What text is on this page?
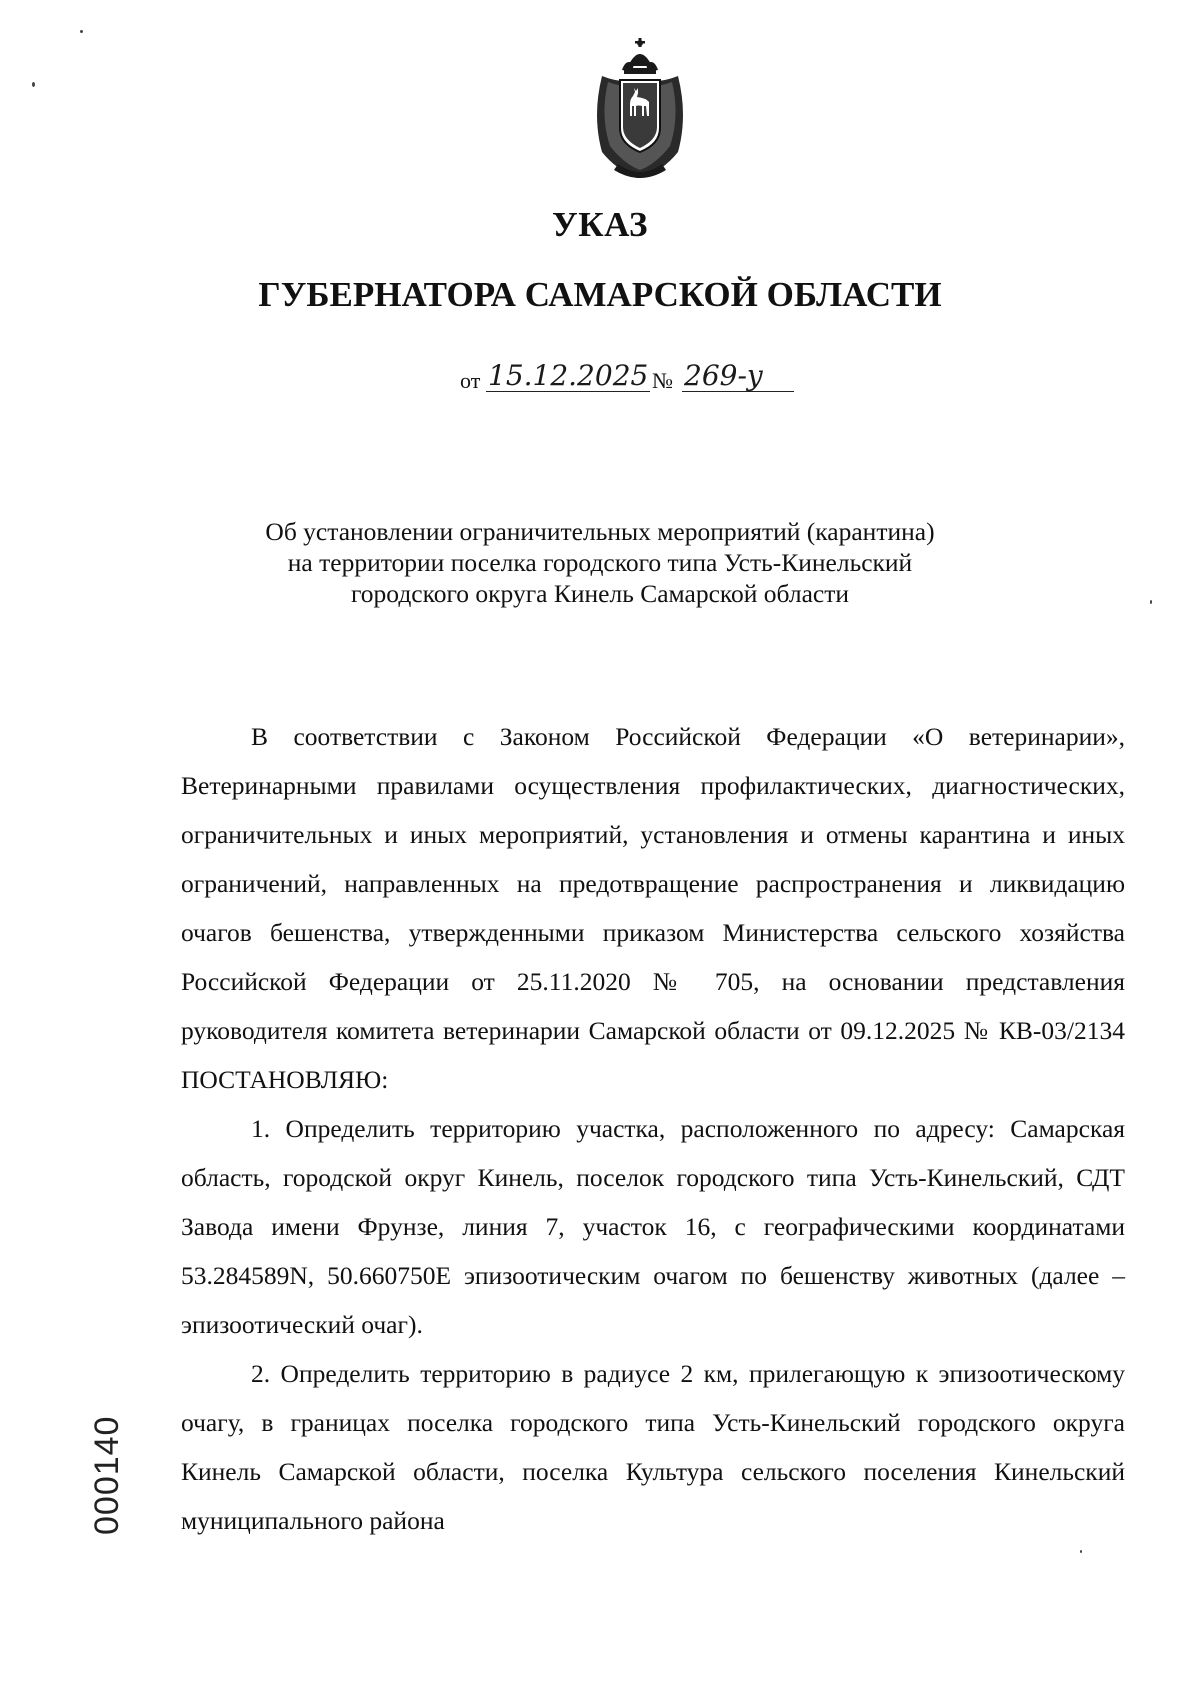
УКАЗ
ГУБЕРНАТОРА САМАРСКОЙ ОБЛАСТИ
от 15.12.2025 № 269-у
Об установлении ограничительных мероприятий (карантина)
на территории поселка городского типа Усть-Кинельский
городского округа Кинель Самарской области

В соответствии с Законом Российской Федерации «О ветеринарии», Ветеринарными правилами осуществления профилактических, диагностических, ограничительных и иных мероприятий, установления и отмены карантина и иных ограничений, направленных на предотвращение распространения и ликвидацию очагов бешенства, утвержденными приказом Министерства сельского хозяйства Российской Федерации от 25.11.2020 № 705, на основании представления руководителя комитета ветеринарии Самарской области от 09.12.2025 № КВ-03/2134 ПОСТАНОВЛЯЮ:

1. Определить территорию участка, расположенного по адресу: Самарская область, городской округ Кинель, поселок городского типа Усть-Кинельский, СДТ Завода имени Фрунзе, линия 7, участок 16, с географическими координатами 53.284589N, 50.660750E эпизоотическим очагом по бешенству животных (далее – эпизоотический очаг).

2. Определить территорию в радиусе 2 км, прилегающую к эпизоотическому очагу, в границах поселка городского типа Усть-Кинельский городского округа Кинель Самарской области, поселка Культура сельского поселения Кинельский муниципального района

000140
